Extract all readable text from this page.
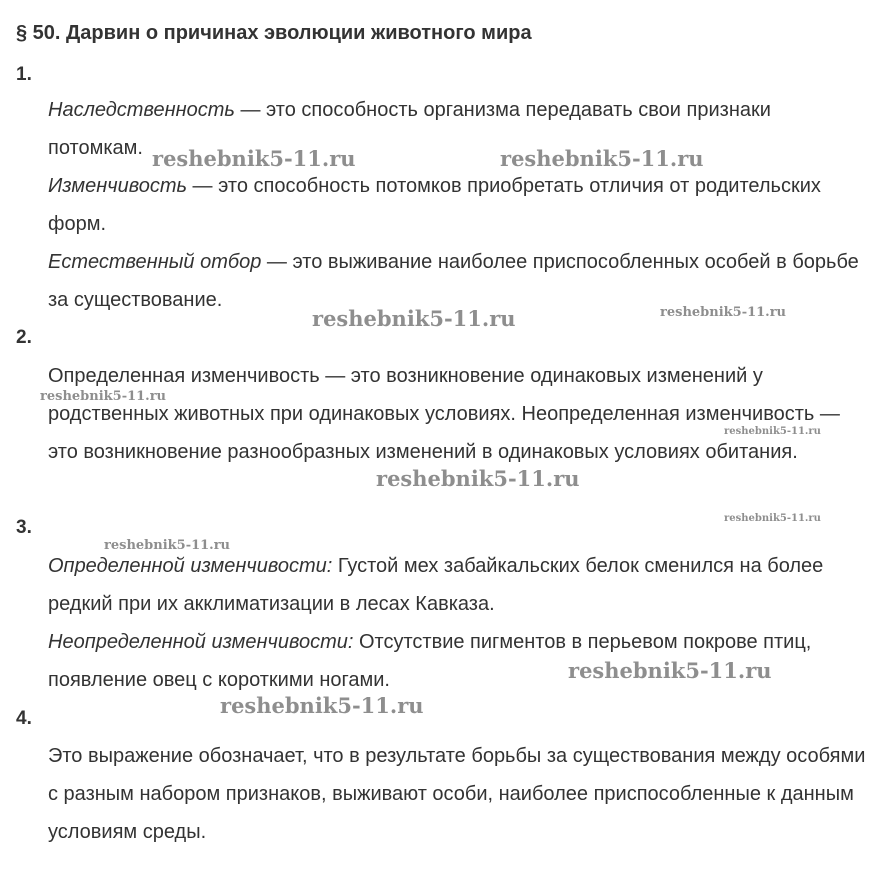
§ 50. Дарвин о причинах эволюции животного мира
1.
Наследственность — это способность организма передавать свои признаки потомкам.
Изменчивость — это способность потомков приобретать отличия от родительских форм.
Естественный отбор — это выживание наиболее приспособленных особей в борьбе за существование.
2.
Определенная изменчивость — это возникновение одинаковых изменений у родственных животных при одинаковых условиях. Неопределенная изменчивость — это возникновение разнообразных изменений в одинаковых условиях обитания.
3.
Определенной изменчивости: Густой мех забайкальских белок сменился на более редкий при их акклиматизации в лесах Кавказа.
Неопределенной изменчивости: Отсутствие пигментов в перьевом покрове птиц, появление овец с короткими ногами.
4.
Это выражение обозначает, что в результате борьбы за существования между особями с разным набором признаков, выживают особи, наиболее приспособленные к данным условиям среды.
reshebnik5-11.ru	reshebnik5-11.ru
reshebnik5-11.ru	reshebnik5-11.ru
reshebnik5-11.ru
reshebnik5-11.ru
reshebnik5-11.ru
reshebnik5-11.ru
reshebnik5-11.ru
reshebnik5-11.ru
reshebnik5-11.ru
